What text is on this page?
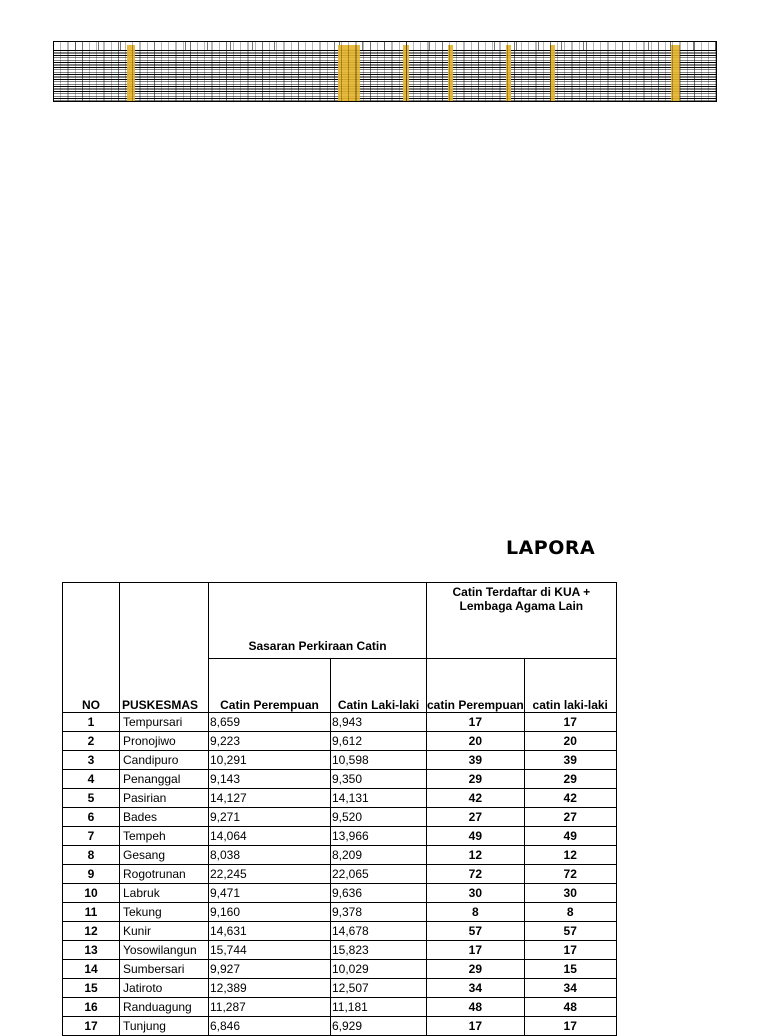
LAPORA
NO	PUSKESMAS	Sasaran Perkiraan Catin		Catin Terdaftar di KUA + Lembaga Agama Lain	
		Catin Perempuan	Catin Laki-laki	catin Perempuan	catin laki-laki
1	Tempursari	8,659	8,943	17	17
2	Pronojiwo	9,223	9,612	20	20
3	Candipuro	10,291	10,598	39	39
4	Penanggal	9,143	9,350	29	29
5	Pasirian	14,127	14,131	42	42
6	Bades	9,271	9,520	27	27
7	Tempeh	14,064	13,966	49	49
8	Gesang	8,038	8,209	12	12
9	Rogotrunan	22,245	22,065	72	72
10	Labruk	9,471	9,636	30	30
11	Tekung	9,160	9,378	8	8
12	Kunir	14,631	14,678	57	57
13	Yosowilangun	15,744	15,823	17	17
14	Sumbersari	9,927	10,029	29	15
15	Jatiroto	12,389	12,507	34	34
16	Randuagung	11,287	11,181	48	48
17	Tunjung	6,846	6,929	17	17
